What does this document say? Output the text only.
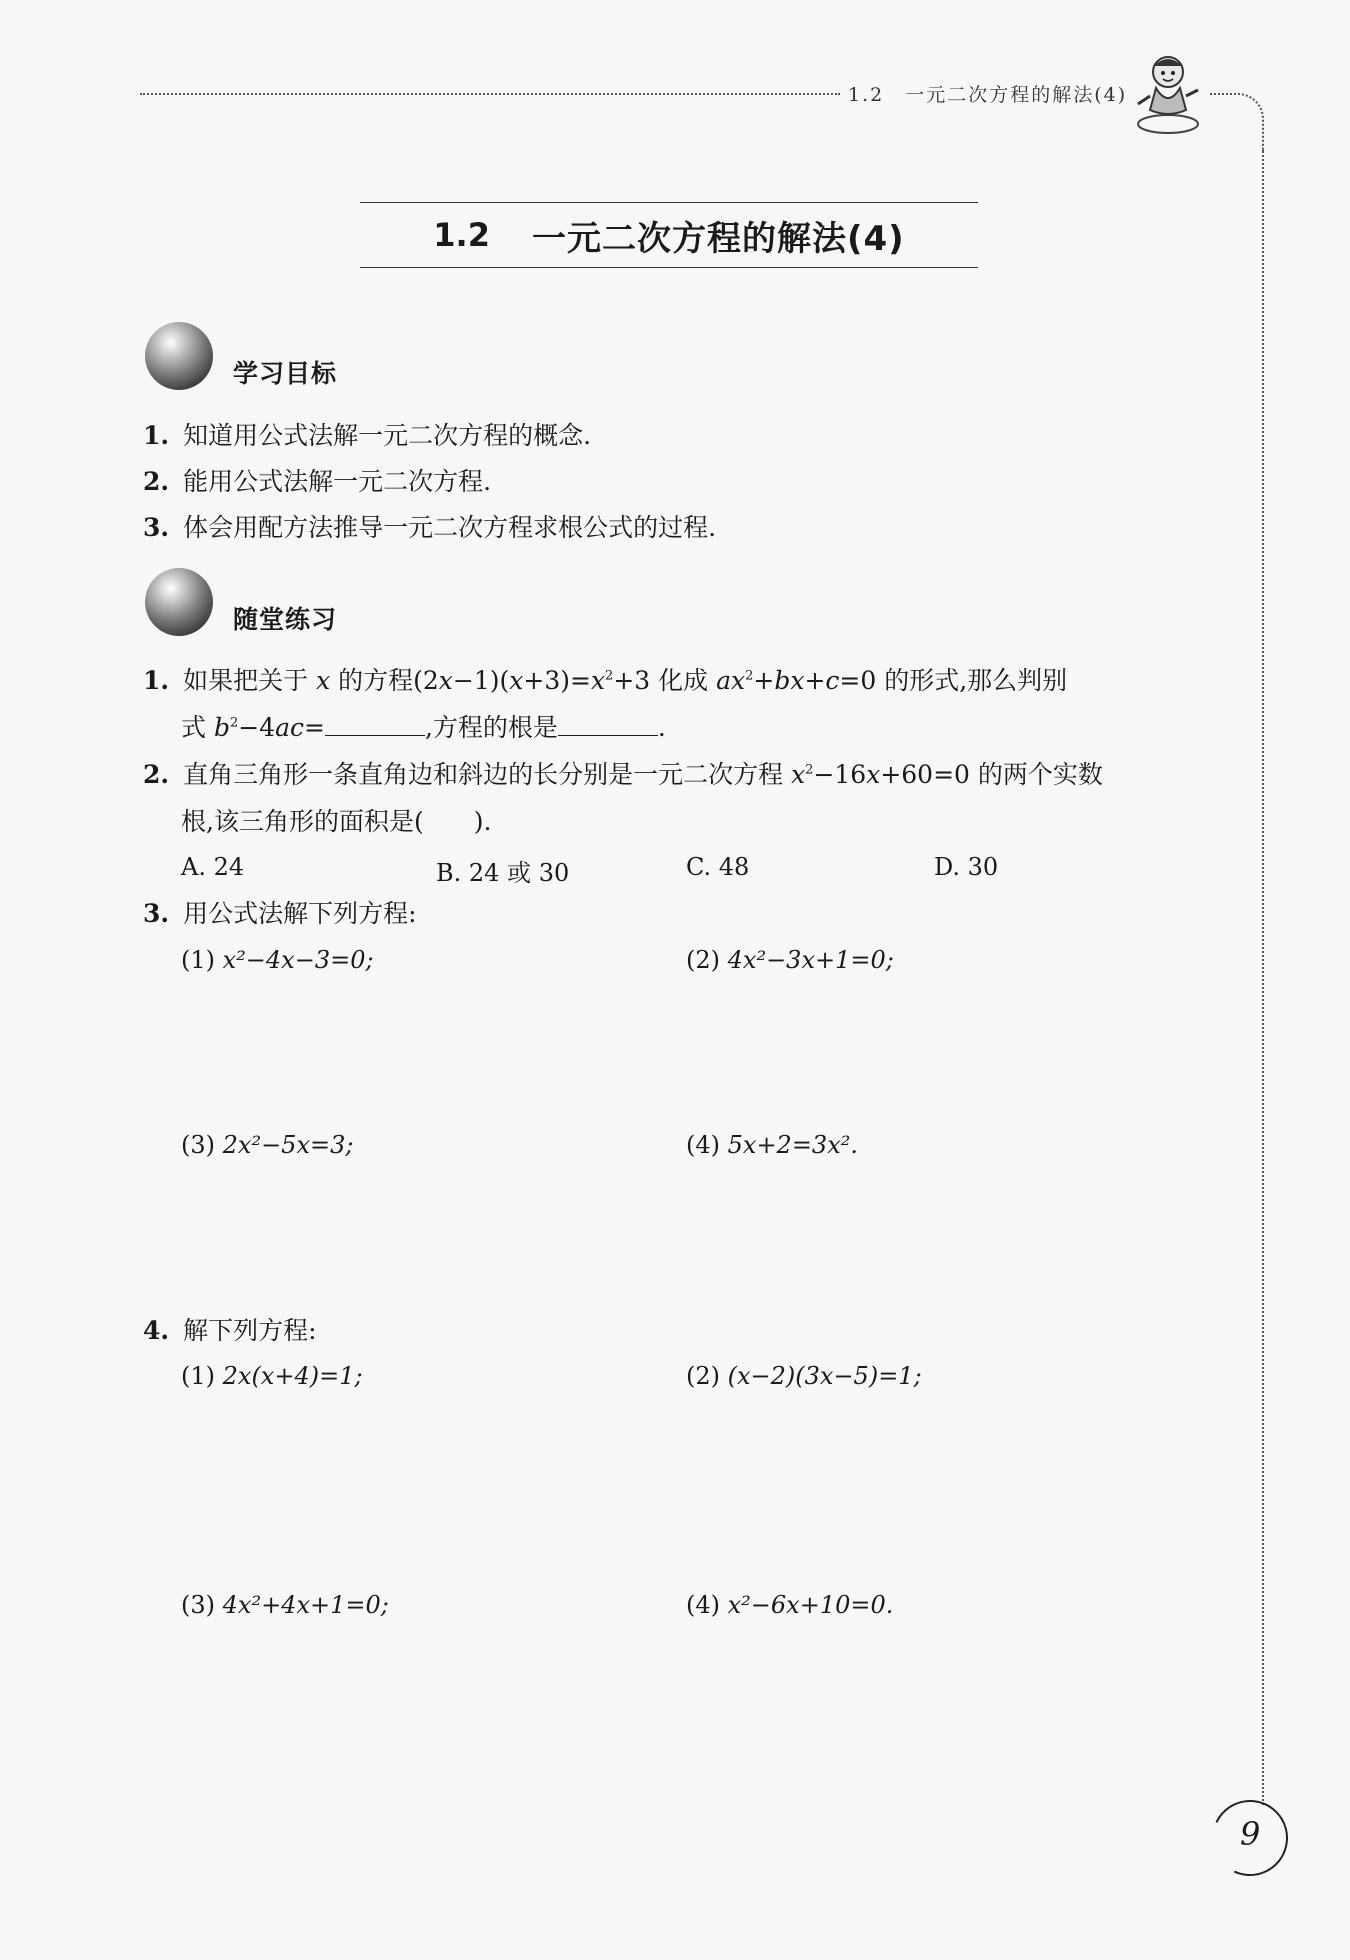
1.2　一元二次方程的解法(4)
1.2 一元二次方程的解法(4)
学习目标
1. 知道用公式法解一元二次方程的概念.
2. 能用公式法解一元二次方程.
3. 体会用配方法推导一元二次方程求根公式的过程.
随堂练习
1. 如果把关于 x 的方程$(2x-1)(x+3)=x^2+3$ 化成 $ax^2+bx+c=0$ 的形式,那么判别
式 $b^2-4ac=$	,方程的根是	.
2. 直角三角形一条直角边和斜边的长分别是一元二次方程 $x^2-16x+60=0$ 的两个实数
根,该三角形的面积是(　　).
A. 24	B. 24 或 30	C. 48	D. 30
3. 用公式法解下列方程:
(1) x²−4x−3=0;	(2) 4x²−3x+1=0;
(3) 2x²−5x=3;	(4) 5x+2=3x².
4. 解下列方程:
(1) 2x(x+4)=1;	(2) (x−2)(3x−5)=1;
(3) 4x²+4x+1=0;	(4) x²−6x+10=0.
9
